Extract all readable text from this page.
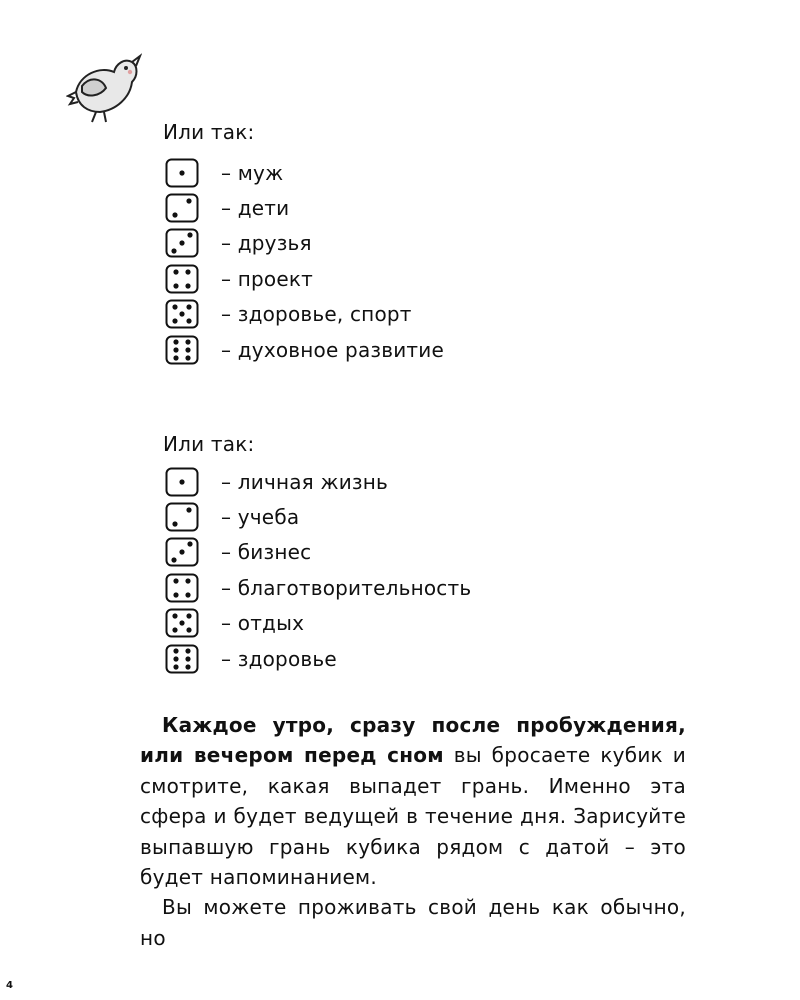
Или так:
– муж
– дети
– друзья
– проект
– здоровье, спорт
– духовное развитие
Или так:
– личная жизнь
– учеба
– бизнес
– благотворительность
– отдых
– здоровье

Каждое утро, сразу после пробуждения, или вечером перед сном вы бросаете кубик и смотрите, какая выпадет грань. Именно эта сфера и будет ведущей в течение дня. Зарисуйте выпавшую грань кубика рядом с датой – это будет напоминанием.

Вы можете проживать свой день как обычно, но

4
